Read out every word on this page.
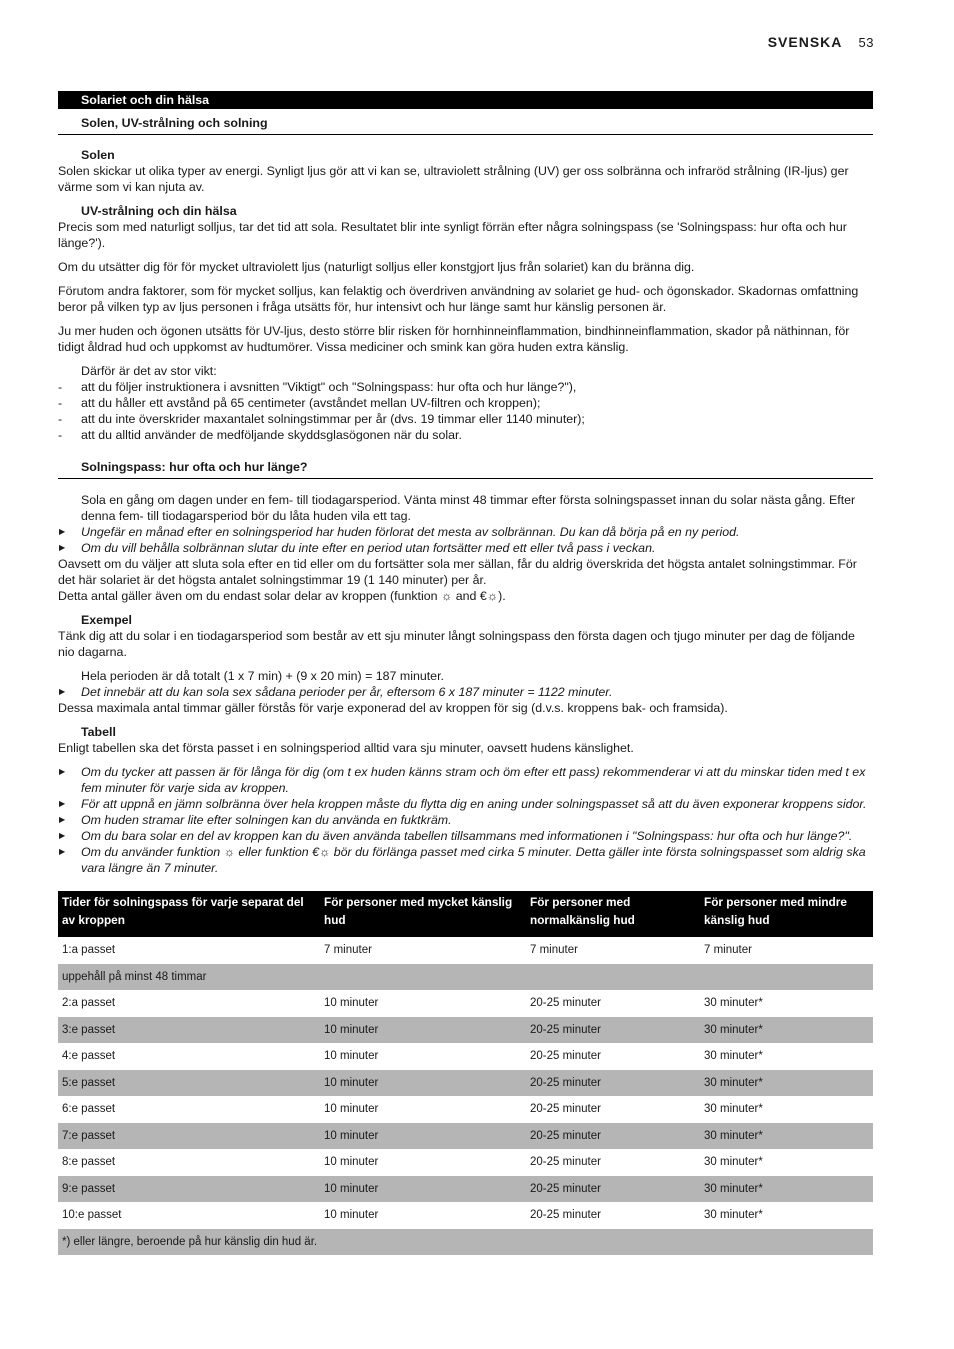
SVENSKA 53
Solariet och din hälsa
Solen, UV-strålning och solning
Solen
Solen skickar ut olika typer av energi. Synligt ljus gör att vi kan se, ultraviolett strålning (UV) ger oss solbränna och infraröd strålning (IR-ljus) ger värme som vi kan njuta av.
UV-strålning och din hälsa
Precis som med naturligt solljus, tar det tid att sola. Resultatet blir inte synligt förrän efter några solningspass (se 'Solningspass: hur ofta och hur länge?').
Om du utsätter dig för för mycket ultraviolett ljus (naturligt solljus eller konstgjort ljus från solariet) kan du bränna dig.
Förutom andra faktorer, som för mycket solljus, kan felaktig och överdriven användning av solariet ge hud- och ögonskador. Skadornas omfattning beror på vilken typ av ljus personen i fråga utsätts för, hur intensivt och hur länge samt hur känslig personen är.
Ju mer huden och ögonen utsätts för UV-ljus, desto större blir risken för hornhinneinflammation, bindhinneinflammation, skador på näthinnan, för tidigt åldrad hud och uppkomst av hudtumörer. Vissa mediciner och smink kan göra huden extra känslig.
Därför är det av stor vikt:
- att du följer instruktionera i avsnitten "Viktigt" och "Solningspass: hur ofta och hur länge?"),
- att du håller ett avstånd på 65 centimeter (avståndet mellan UV-filtren och kroppen);
- att du inte överskrider maxantalet solningstimmar per år (dvs. 19 timmar eller 1140 minuter);
- att du alltid använder de medföljande skyddsglasögonen när du solar.
Solningspass: hur ofta och hur länge?
Sola en gång om dagen under en fem- till tiodagarsperiod. Vänta minst 48 timmar efter första solningspasset innan du solar nästa gång. Efter denna fem- till tiodagarsperiod bör du låta huden vila ett tag.
▶ Ungefär en månad efter en solningsperiod har huden förlorat det mesta av solbrännan. Du kan då börja på en ny period.
▶ Om du vill behålla solbrännan slutar du inte efter en period utan fortsätter med ett eller två pass i veckan.
Oavsett om du väljer att sluta sola efter en tid eller om du fortsätter sola mer sällan, får du aldrig överskrida det högsta antalet solningstimmar. För det här solariet är det högsta antalet solningstimmar 19 (1 140 minuter) per år.
Detta antal gäller även om du endast solar delar av kroppen (funktion ☼ and €☼).
Exempel
Tänk dig att du solar i en tiodagarsperiod som består av ett sju minuter långt solningspass den första dagen och tjugo minuter per dag de följande nio dagarna.
Hela perioden är då totalt (1 x 7 min) + (9 x 20 min) = 187 minuter.
▶ Det innebär att du kan sola sex sådana perioder per år, eftersom 6 x 187 minuter = 1122 minuter.
Dessa maximala antal timmar gäller förstås för varje exponerad del av kroppen för sig (d.v.s. kroppens bak- och framsida).
Tabell
Enligt tabellen ska det första passet i en solningsperiod alltid vara sju minuter, oavsett hudens känslighet.
▶ Om du tycker att passen är för långa för dig (om t ex huden känns stram och öm efter ett pass) rekommenderar vi att du minskar tiden med t ex fem minuter för varje sida av kroppen.
▶ För att uppnå en jämn solbränna över hela kroppen måste du flytta dig en aning under solningspasset så att du även exponerar kroppens sidor.
▶ Om huden stramar lite efter solningen kan du använda en fuktkräm.
▶ Om du bara solar en del av kroppen kan du även använda tabellen tillsammans med informationen i "Solningspass: hur ofta och hur länge?".
▶ Om du använder funktion ☼ eller funktion €☼ bör du förlänga passet med cirka 5 minuter. Detta gäller inte första solningspasset som aldrig ska vara längre än 7 minuter.
Tider för solningspass för varje separat del av kroppen	För personer med mycket känslig hud	För personer med normalkänslig hud	För personer med mindre känslig hud
1:a passet	7 minuter	7 minuter	7 minuter
uppehåll på minst 48 timmar			
2:a passet	10 minuter	20-25 minuter	30 minuter*
3:e passet	10 minuter	20-25 minuter	30 minuter*
4:e passet	10 minuter	20-25 minuter	30 minuter*
5:e passet	10 minuter	20-25 minuter	30 minuter*
6:e passet	10 minuter	20-25 minuter	30 minuter*
7:e passet	10 minuter	20-25 minuter	30 minuter*
8:e passet	10 minuter	20-25 minuter	30 minuter*
9:e passet	10 minuter	20-25 minuter	30 minuter*
10:e passet	10 minuter	20-25 minuter	30 minuter*
*) eller längre, beroende på hur känslig din hud är.			
